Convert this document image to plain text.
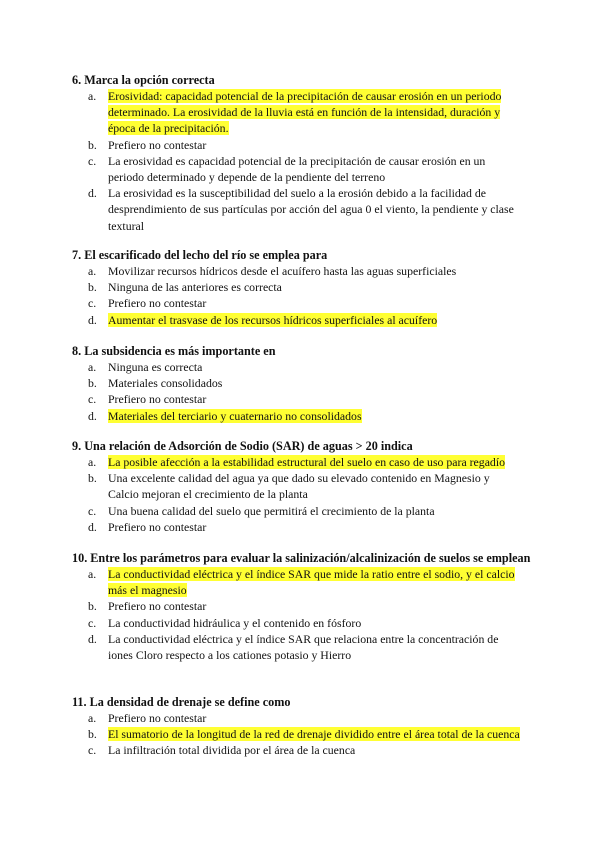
6. Marca la opción correcta
a.	Erosividad: capacidad potencial de la precipitación de causar erosión en un periodo determinado. La erosividad de la lluvia está en función de la intensidad, duración y época de la precipitación.
b. Prefiero no contestar
c.	La erosividad es capacidad potencial de la precipitación de causar erosión en un periodo determinado y depende de la pendiente del terreno
d. La erosividad es la susceptibilidad del suelo a la erosión debido a la facilidad de desprendimiento de sus partículas por acción del agua 0 el viento, la pendiente y clase textural
7. El escarificado del lecho del río se emplea para
a.	Movilizar recursos hídricos desde el acuífero hasta las aguas superficiales
b. Ninguna de las anteriores es correcta
c.	Prefiero no contestar
d. Aumentar el trasvase de los recursos hídricos superficiales al acuífero
8. La subsidencia es más importante en
a.	Ninguna es correcta
b. Materiales consolidados
c.	Prefiero no contestar
d. Materiales del terciario y cuaternario no consolidados
9. Una relación de Adsorción de Sodio (SAR) de aguas > 20 indica
a.	La posible afección a la estabilidad estructural del suelo en caso de uso para regadío
b. Una excelente calidad del agua ya que dado su elevado contenido en Magnesio y Calcio mejoran el crecimiento de la planta
c.	Una buena calidad del suelo que permitirá el crecimiento de la planta
d. Prefiero no contestar
10. Entre los parámetros para evaluar la salinización/alcalinización de suelos se emplean
a.	La conductividad eléctrica y el índice SAR que mide la ratio entre el sodio, y el calcio más el magnesio
b. Prefiero no contestar
c.	La conductividad hidráulica y el contenido en fósforo
d. La conductividad eléctrica y el índice SAR que relaciona entre la concentración de iones Cloro respecto a los cationes potasio y Hierro
11. La densidad de drenaje se define como
a.	Prefiero no contestar
b. El sumatorio de la longitud de la red de drenaje dividido entre el área total de la cuenca
c.	La infiltración total dividida por el área de la cuenca
